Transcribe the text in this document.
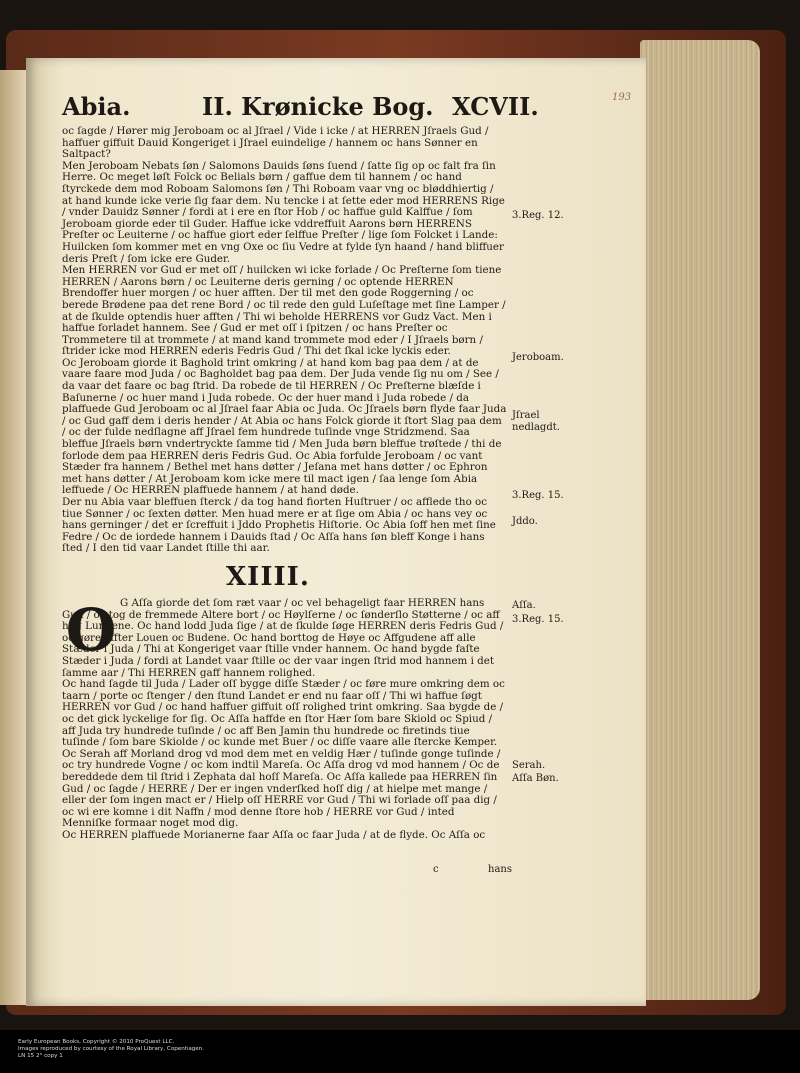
193
Abia.	II. Krønicke Bog. XCVII.

oc ſagde / Hører mig Jeroboam oc al Jſrael / Vide i icke / at HERREN Jſraels Gud / haffuer giffuit Dauid Kongeriget i Jſrael euindelige / hannem oc hans Sønner en Saltpact?

Men Jeroboam Nebats ſøn / Salomons Dauids ſøns ſuend / ſatte ſig op oc falt fra ſin Herre. Oc meget løſt Folck oc Belials børn / gaffue dem til hannem / oc hand ſtyrckede dem mod Roboam Salomons ſøn / Thi Roboam vaar vng oc bløddhiertig / at hand kunde icke verie ſig faar dem. Nu tencke i at ſette eder mod HERRENS Rige / vnder Dauidz Sønner / fordi at i ere en ſtor Hob / oc haffue guld Kalffue / ſom Jeroboam giorde eder til Guder. Haffue icke vddreffuit Aarons børn HERRENS Preſter oc Leuiterne / oc haffue giort eder ſelffue Preſter / lige ſom Folcket i Lande: Huilcken ſom kommer met en vng Oxe oc ſiu Vedre at fylde ſyn haand / hand bliffuer deris Preſt / ſom icke ere Guder.

Men HERREN vor Gud er met oſſ / huilcken wi icke forlade / Oc Preſterne ſom tiene HERREN / Aarons børn / oc Leuiterne deris gerning / oc optende HERREN Brendoffer huer morgen / oc huer afften. Der til met den gode Roggerning / oc berede Brødene paa det rene Bord / oc til rede den guld Luſeſtage met ſine Lamper / at de ſkulde optendis huer afften / Thi wi beholde HERRENS vor Gudz Vact. Men i haffue forladet hannem. See / Gud er met oſſ i ſpitzen / oc hans Preſter oc Trommetere til at trommete / at mand kand trommete mod eder / I Jſraels børn / ſtrider icke mod HERREN ederis Fedris Gud / Thi det ſkal icke lyckis eder.

Oc Jeroboam giorde it Baghold trint omkring / at hand kom bag paa dem / at de vaare faare mod Juda / oc Bagholdet bag paa dem. Der Juda vende ſig nu om / See / da vaar det faare oc bag ſtrid. Da robede de til HERREN / Oc Preſterne blæſde i Baſunerne / oc huer mand i Juda robede. Oc der huer mand i Juda robede / da plaffuede Gud Jeroboam oc al Jſrael faar Abia oc Juda. Oc Jſraels børn flyde faar Juda / oc Gud gaff dem i deris hender / At Abia oc hans Folck giorde it ſtort Slag paa dem / oc der fulde nedſlagne aff Jſrael fem hundrede tuſinde vnge Stridzmend. Saa bleffue Jſraels børn vndertryckte ſamme tid / Men Juda børn bleffue trøſtede / thi de forlode dem paa HERREN deris Fedris Gud. Oc Abia forfulde Jeroboam / oc vant Stæder fra hannem / Bethel met hans døtter / Jeſana met hans døtter / oc Ephron met hans døtter / At Jeroboam kom icke mere til mact igen / ſaa lenge ſom Abia leffuede / Oc HERREN plaffuede hannem / at hand døde.

Der nu Abia vaar bleffuen ſterck / da tog hand fiorten Huſtruer / oc afflede tho oc tiue Sønner / oc ſexten døtter. Men huad mere er at ſige om Abia / oc hans vey oc hans gerninger / det er ſcreffuit i Jddo Prophetis Hiſtorie. Oc Abia ſoff hen met ſine Fedre / Oc de iordede hannem i Dauids ſtad / Oc Aſſa hans ſøn bleff Konge i hans ſted / I den tid vaar Landet ſtille thi aar.

XIIII.
O G Aſſa giorde det ſom ræt vaar / oc vel behageligt faar HERREN hans Gud / oc tog de fremmede Altere bort / oc Høylſerne / oc ſønderſlo Støtterne / oc aff hug Lundene. Oc hand lodd Juda ſige / at de ſkulde ſøge HERREN deris Fedris Gud / oc gøre effter Louen oc Budene. Oc hand borttog de Høye oc Affgudene aff alle Stæder i Juda / Thi at Kongeriget vaar ſtille vnder hannem. Oc hand bygde faſte Stæder i Juda / fordi at Landet vaar ſtille oc der vaar ingen ſtrid mod hannem i det ſamme aar / Thi HERREN gaff hannem rolighed.

Oc hand ſagde til Juda / Lader oſſ bygge diſſe Stæder / oc føre mure omkring dem oc taarn / porte oc ſtenger / den ſtund Landet er end nu faar oſſ / Thi wi haffue ſøgt HERREN vor Gud / oc hand haffuer giffuit oſſ rolighed trint omkring. Saa bygde de / oc det gick lyckelige for ſig. Oc Aſſa haffde en ſtor Hær ſom bare Skiold oc Spiud / aff Juda try hundrede tuſinde / oc aff Ben Jamin thu hundrede oc firetinds tiue tuſinde / ſom bare Skiolde / oc kunde met Buer / oc diſſe vaare alle ſtercke Kemper.

Oc Serah aff Morland drog vd mod dem met en veldig Hær / tuſinde gonge tuſinde / oc try hundrede Vogne / oc kom indtil Mareſa. Oc Aſſa drog vd mod hannem / Oc de bereddede dem til ſtrid i Zephata dal hoſſ Mareſa. Oc Aſſa kallede paa HERREN ſin Gud / oc ſagde / HERRE / Der er ingen vnderſked hoſſ dig / at hielpe met mange / eller der ſom ingen mact er / Hielp oſſ HERRE vor Gud / Thi wi forlade oſſ paa dig / oc wi ere komne i dit Naffn / mod denne ſtore hob / HERRE vor Gud / inted Menniſke formaar noget mod dig.

Oc HERREN plaffuede Morianerne faar Aſſa oc faar Juda / at de flyde. Oc Aſſa oc

3.Reg. 12.
Jeroboam.
Jſrael nedlagdt.
3.Reg. 15.
Jddo.
Aſſa.
3.Reg. 15.
Serah.
Aſſa Bøn.
c	hans
Early European Books, Copyright © 2010 ProQuest LLC.
Images reproduced by courtesy of the Royal Library, Copenhagen.
LN 15 2° copy 1
